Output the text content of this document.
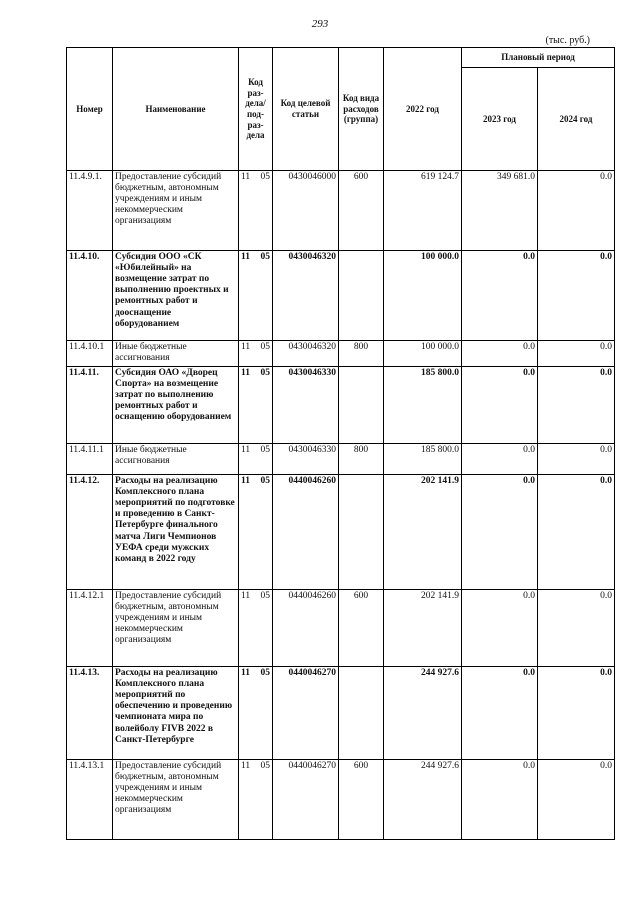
293
(тыс. руб.)
Номер	Наименование	Код раз-дела/ под-раз-дела		Код целевой статьи	Код вида расходов (группа)	2022 год	Плановый период	
							2023 год	2024 год
11.4.9.1.	Предоставление субсидий бюджетным, автономным учреждениям и иным некоммерческим организациям	11	05	0430046000	600	619 124.7	349 681.0	0.0
11.4.10.	Субсидия ООО «СК «Юбилейный» на возмещение затрат по выполнению проектных и ремонтных работ и дооснащение оборудованием	11	05	0430046320		100 000.0	0.0	0.0
11.4.10.1	Иные бюджетные ассигнования	11	05	0430046320	800	100 000.0	0.0	0.0
11.4.11.	Субсидия ОАО «Дворец Спорта» на возмещение затрат по выполнению ремонтных работ и оснащению оборудованием	11	05	0430046330		185 800.0	0.0	0.0
11.4.11.1	Иные бюджетные ассигнования	11	05	0430046330	800	185 800.0	0.0	0.0
11.4.12.	Расходы на реализацию Комплексного плана мероприятий по подготовке и проведению в Санкт-Петербурге финального матча Лиги Чемпионов УЕФА среди мужских команд в 2022 году	11	05	0440046260		202 141.9	0.0	0.0
11.4.12.1	Предоставление субсидий бюджетным, автономным учреждениям и иным некоммерческим организациям	11	05	0440046260	600	202 141.9	0.0	0.0
11.4.13.	Расходы на реализацию Комплексного плана мероприятий по обеспечению и проведению чемпионата мира по волейболу FIVB 2022 в Санкт-Петербурге	11	05	0440046270		244 927.6	0.0	0.0
11.4.13.1	Предоставление субсидий бюджетным, автономным учреждениям и иным некоммерческим организациям	11	05	0440046270	600	244 927.6	0.0	0.0
